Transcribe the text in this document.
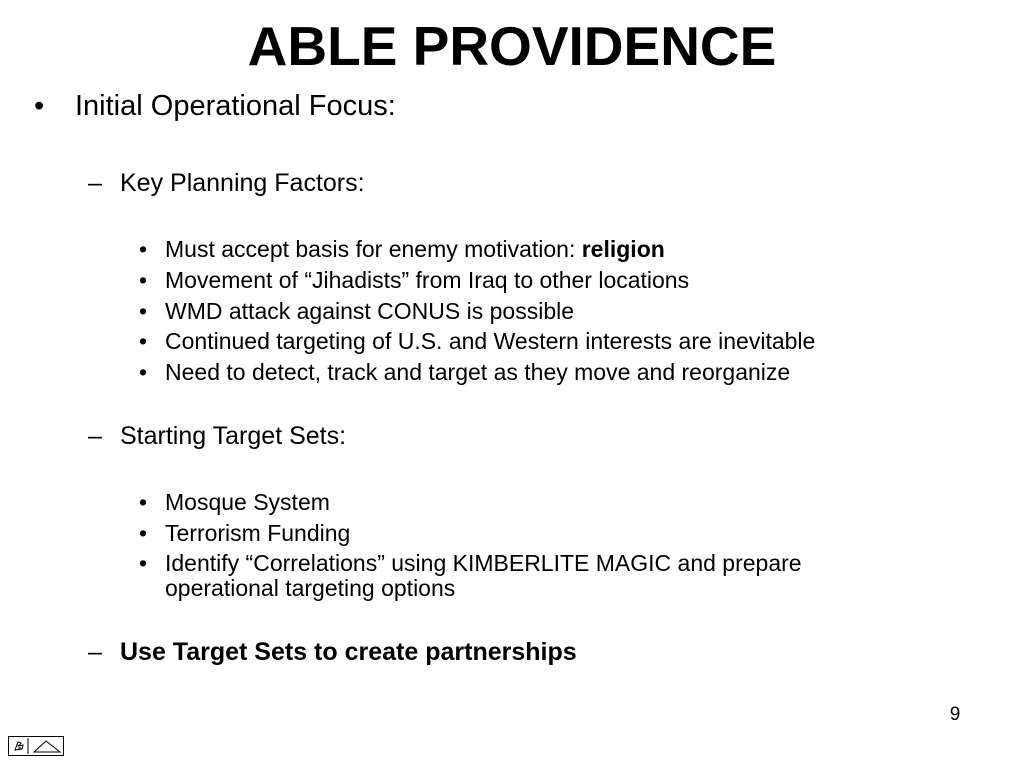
ABLE PROVIDENCE
• Initial Operational Focus:
– Key Planning Factors:
• Must accept basis for enemy motivation: religion
• Movement of “Jihadists” from Iraq to other locations
• WMD attack against CONUS is possible
• Continued targeting of U.S. and Western interests are inevitable
• Need to detect, track and target as they move and reorganize
– Starting Target Sets:
• Mosque System
• Terrorism Funding
• Identify “Correlations” using KIMBERLITE MAGIC and prepare
operational targeting options
– Use Target Sets to create partnerships
9
